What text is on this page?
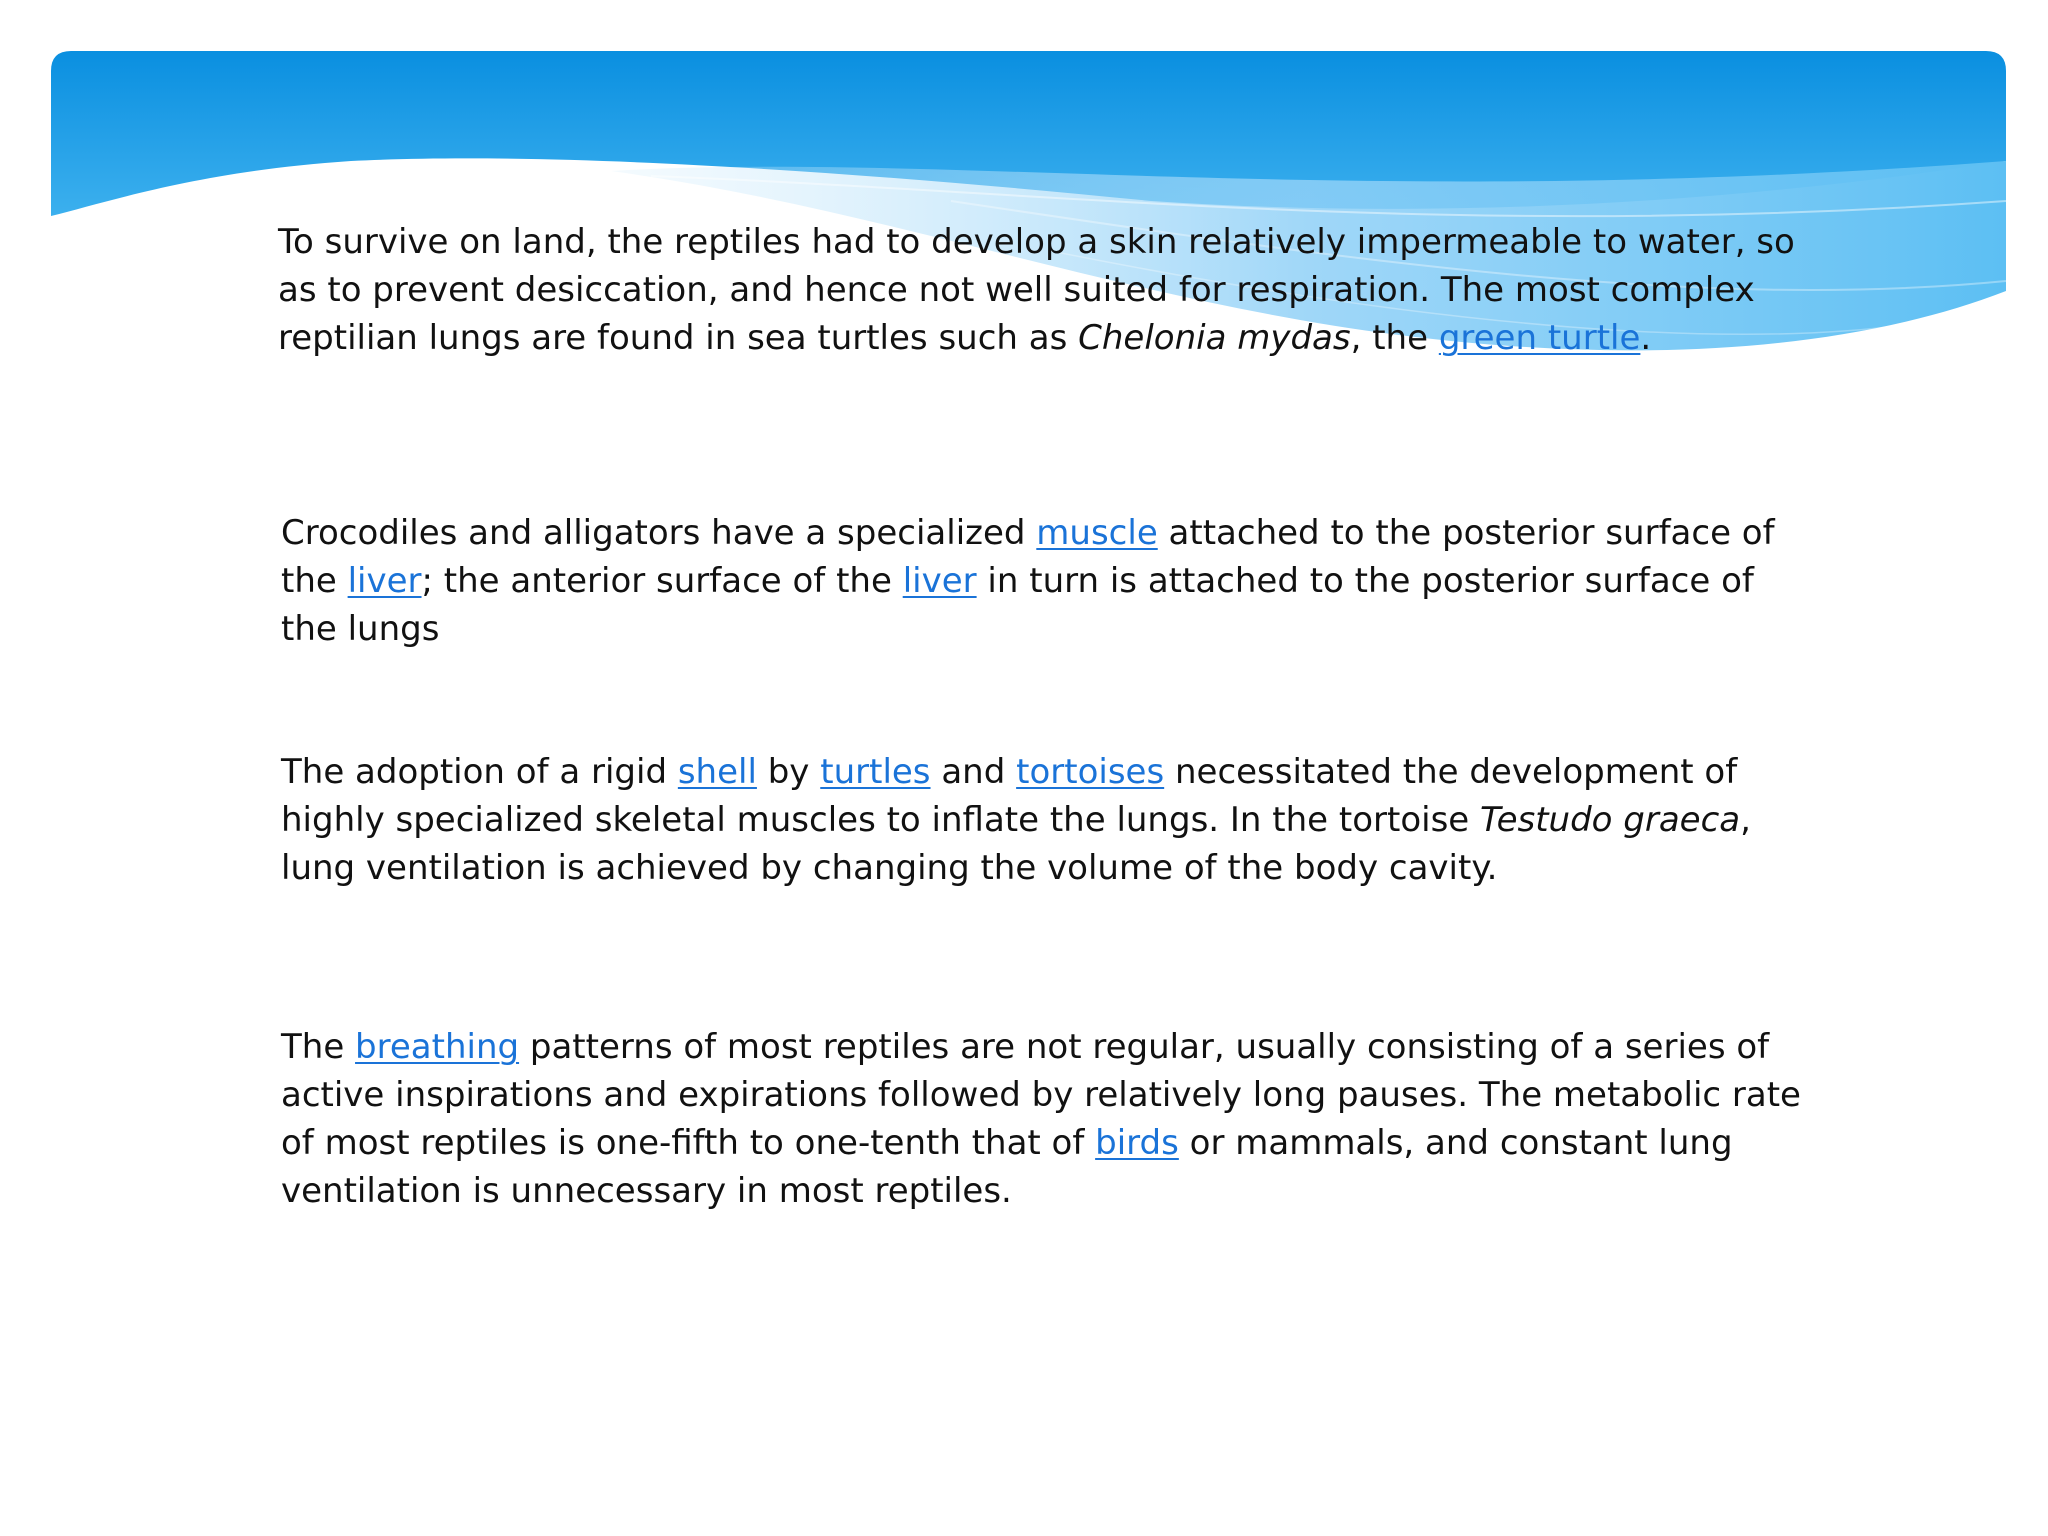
To survive on land, the reptiles had to develop a skin relatively impermeable to water, so as to prevent desiccation, and hence not well suited for respiration. The most complex reptilian lungs are found in sea turtles such as Chelonia mydas, the green turtle.

Crocodiles and alligators have a specialized muscle attached to the posterior surface of the liver; the anterior surface of the liver in turn is attached to the posterior surface of the lungs

The adoption of a rigid shell by turtles and tortoises necessitated the development of highly specialized skeletal muscles to inflate the lungs. In the tortoise Testudo graeca, lung ventilation is achieved by changing the volume of the body cavity.

The breathing patterns of most reptiles are not regular, usually consisting of a series of active inspirations and expirations followed by relatively long pauses. The metabolic rate of most reptiles is one-fifth to one-tenth that of birds or mammals, and constant lung ventilation is unnecessary in most reptiles.
